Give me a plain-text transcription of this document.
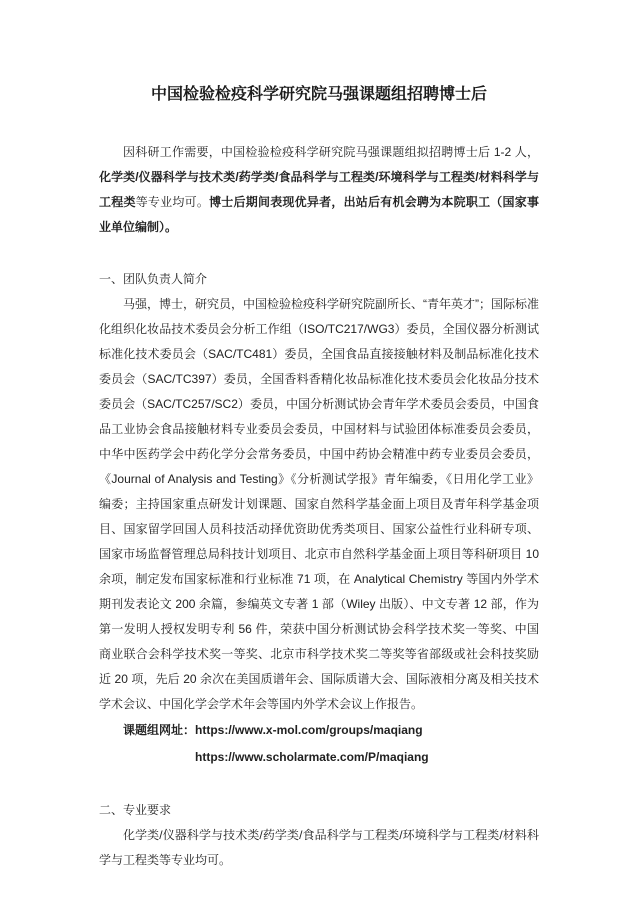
中国检验检疫科学研究院马强课题组招聘博士后

因科研工作需要，中国检验检疫科学研究院马强课题组拟招聘博士后 1-2 人，化学类/仪器科学与技术类/药学类/食品科学与工程类/环境科学与工程类/材料科学与工程类等专业均可。博士后期间表现优异者，出站后有机会聘为本院职工（国家事业单位编制）。

一、团队负责人简介

马强，博士，研究员，中国检验检疫科学研究院副所长、“青年英才”；国际标准化组织化妆品技术委员会分析工作组（ISO/TC217/WG3）委员，全国仪器分析测试标准化技术委员会（SAC/TC481）委员，全国食品直接接触材料及制品标准化技术委员会（SAC/TC397）委员，全国香料香精化妆品标准化技术委员会化妆品分技术委员会（SAC/TC257/SC2）委员，中国分析测试协会青年学术委员会委员，中国食品工业协会食品接触材料专业委员会委员，中国材料与试验团体标准委员会委员，中华中医药学会中药化学分会常务委员，中国中药协会精准中药专业委员会委员，《Journal of Analysis and Testing》《分析测试学报》青年编委，《日用化学工业》编委；主持国家重点研发计划课题、国家自然科学基金面上项目及青年科学基金项目、国家留学回国人员科技活动择优资助优秀类项目、国家公益性行业科研专项、国家市场监督管理总局科技计划项目、北京市自然科学基金面上项目等科研项目 10 余项，制定发布国家标准和行业标准 71 项，在 Analytical Chemistry 等国内外学术期刊发表论文 200 余篇，参编英文专著 1 部（Wiley 出版）、中文专著 12 部，作为第一发明人授权发明专利 56 件，荣获中国分析测试协会科学技术奖一等奖、中国商业联合会科学技术奖一等奖、北京市科学技术奖二等奖等省部级或社会科技奖励近 20 项，先后 20 余次在美国质谱年会、国际质谱大会、国际液相分离及相关技术学术会议、中国化学会学术年会等国内外学术会议上作报告。

课题组网址： https://www.x-mol.com/groups/maqiang
https://www.scholarmate.com/P/maqiang

二、专业要求

化学类/仪器科学与技术类/药学类/食品科学与工程类/环境科学与工程类/材料科学与工程类等专业均可。
